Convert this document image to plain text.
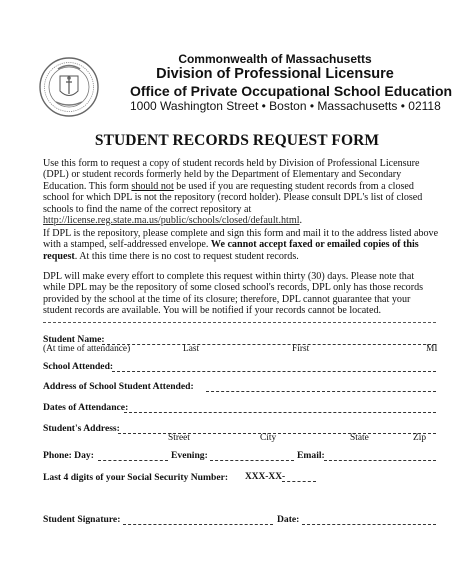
Commonwealth of Massachusetts
Division of Professional Licensure
Office of Private Occupational School Education
1000 Washington Street • Boston • Massachusetts • 02118
STUDENT RECORDS REQUEST FORM

Use this form to request a copy of student records held by Division of Professional Licensure (DPL) or student records formerly held by the Department of Elementary and Secondary Education. This form should not be used if you are requesting student records from a closed school for which DPL is not the repository (record holder). Please consult DPL's list of closed schools to find the name of the correct repository at http://license.reg.state.ma.us/public/schools/closed/default.html.

If DPL is the repository, please complete and sign this form and mail it to the address listed above with a stamped, self-addressed envelope. We cannot accept faxed or emailed copies of this request. At this time there is no cost to request student records.

DPL will make every effort to complete this request within thirty (30) days. Please note that while DPL may be the repository of some closed school's records, DPL only has those records provided by the school at the time of its closure; therefore, DPL cannot guarantee that your student records are available. You will be notified if your records cannot be located.

Student Name:
(At time of attendance)	Last	First	MI
School Attended:
Address of School Student Attended:
Dates of Attendance:
Student's Address:
Street	City	State	Zip
Phone: Day:	Evening:	Email:
Last 4 digits of your Social Security Number: XXX-XX-
Student Signature:	Date:
